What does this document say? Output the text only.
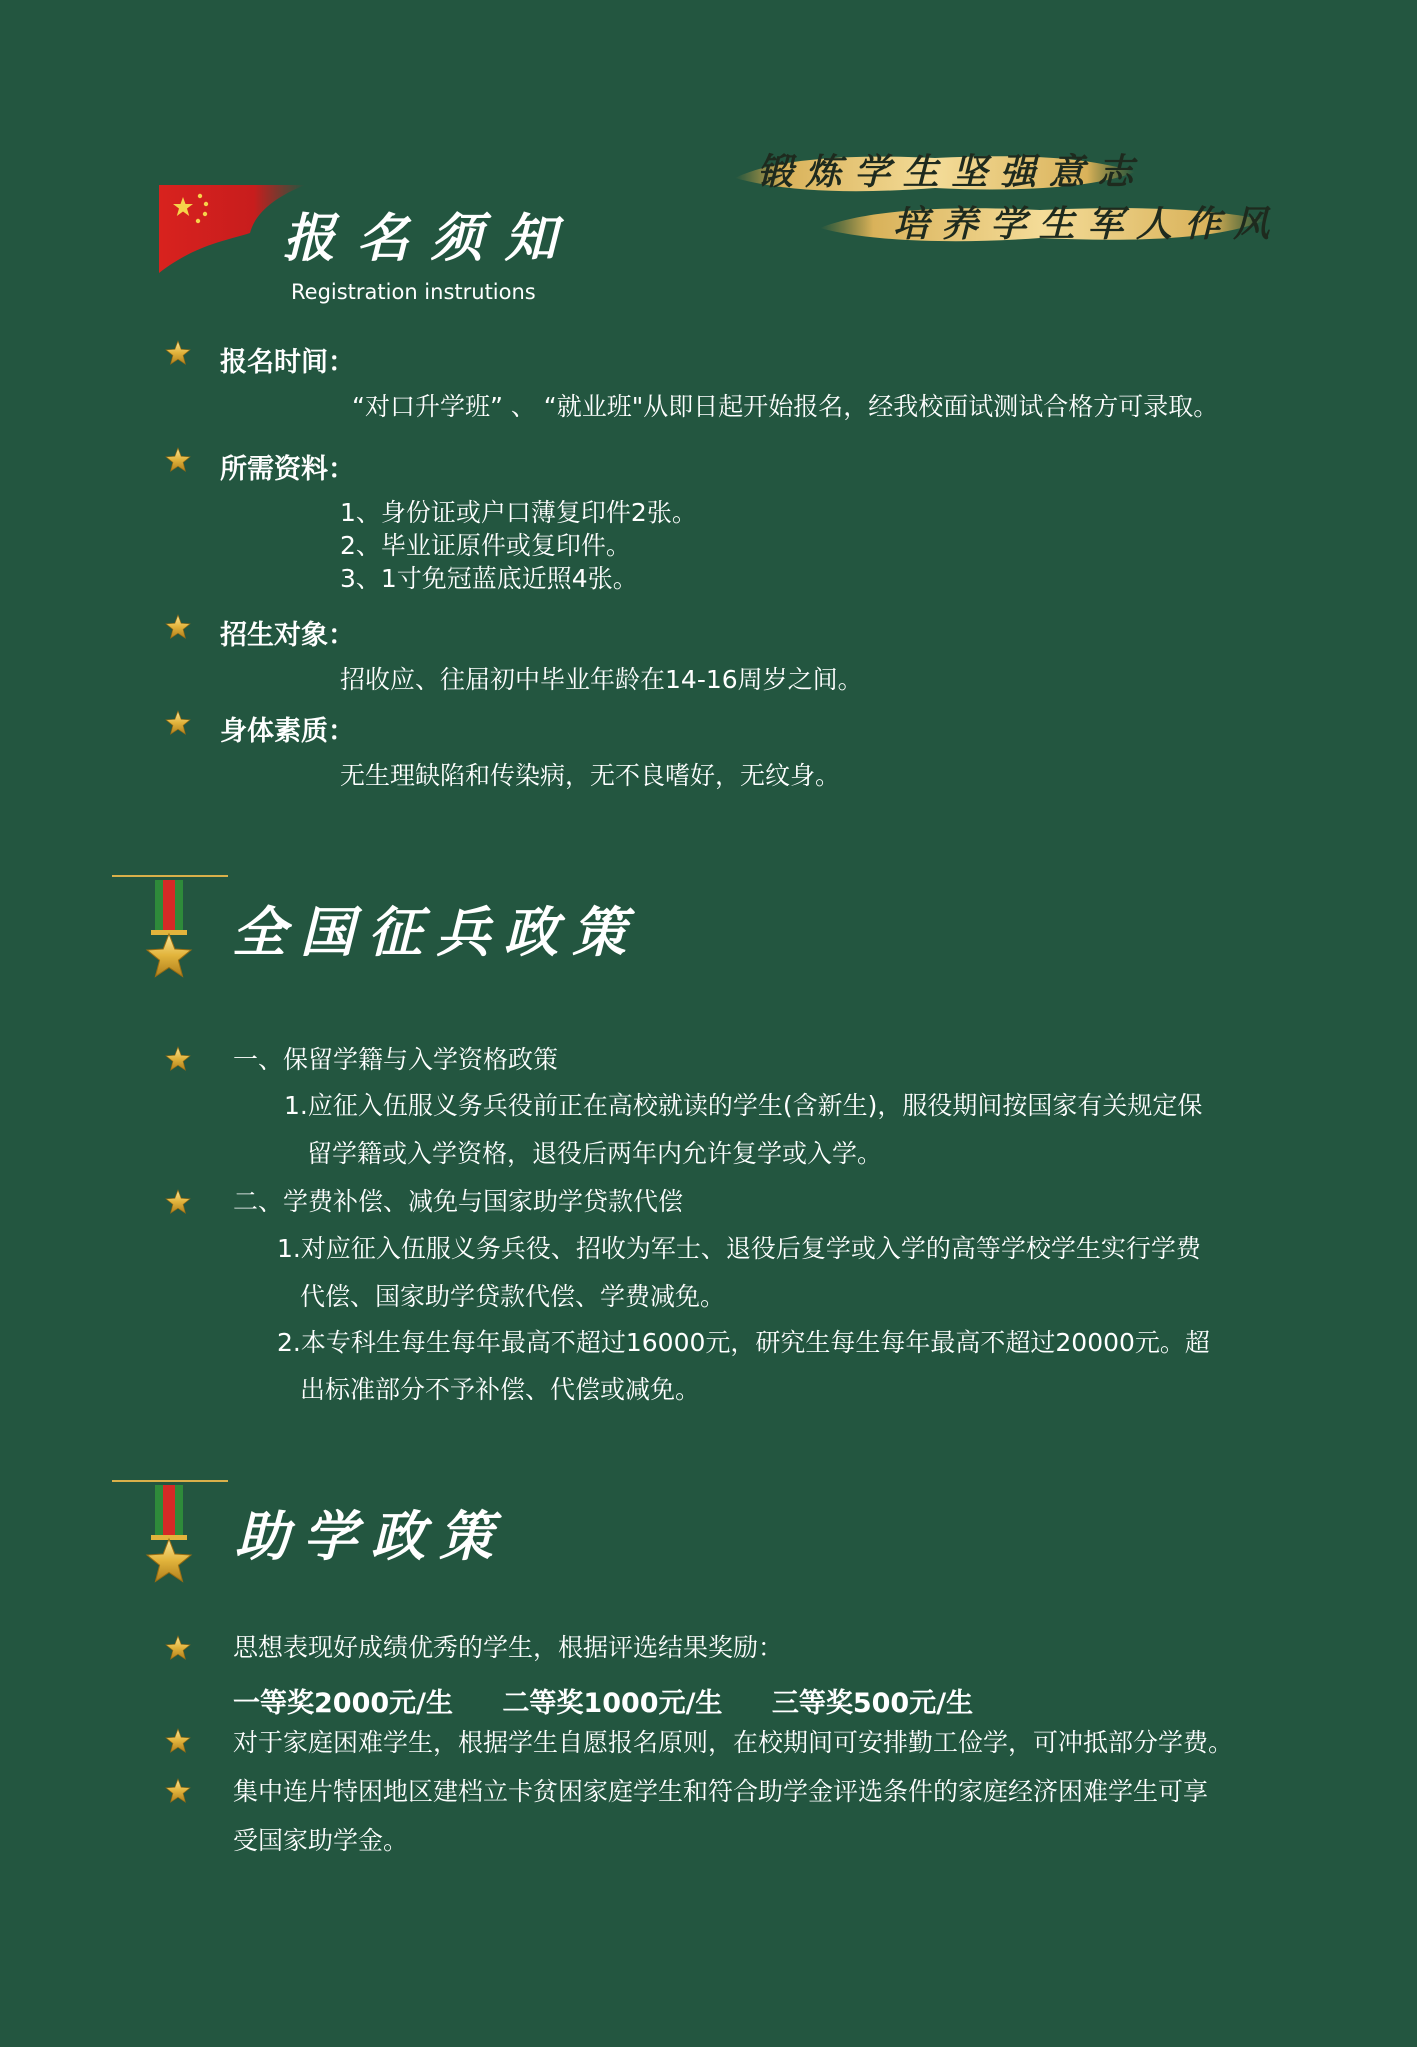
锻炼学生坚强意志
培养学生军人作风
报名须知
Registration instrutions
报名时间：
“对口升学班” 、 “就业班"从即日起开始报名，经我校面试测试合格方可录取。
所需资料：
1、身份证或户口薄复印件2张。
2、毕业证原件或复印件。
3、1寸免冠蓝底近照4张。
招生对象：
招收应、往届初中毕业年龄在14-16周岁之间。
身体素质：
无生理缺陷和传染病，无不良嗜好，无纹身。
全国征兵政策
一、保留学籍与入学资格政策
1.应征入伍服义务兵役前正在高校就读的学生(含新生)，服役期间按国家有关规定保
留学籍或入学资格，退役后两年内允许复学或入学。
二、学费补偿、减免与国家助学贷款代偿
1.对应征入伍服义务兵役、招收为军士、退役后复学或入学的高等学校学生实行学费
代偿、国家助学贷款代偿、学费减免。
2.本专科生每生每年最高不超过16000元，研究生每生每年最高不超过20000元。超
出标准部分不予补偿、代偿或减免。
助学政策
思想表现好成绩优秀的学生，根据评选结果奖励：
一等奖2000元/生 二等奖1000元/生 三等奖500元/生
对于家庭困难学生，根据学生自愿报名原则，在校期间可安排勤工俭学，可冲抵部分学费。
集中连片特困地区建档立卡贫困家庭学生和符合助学金评选条件的家庭经济困难学生可享
受国家助学金。
